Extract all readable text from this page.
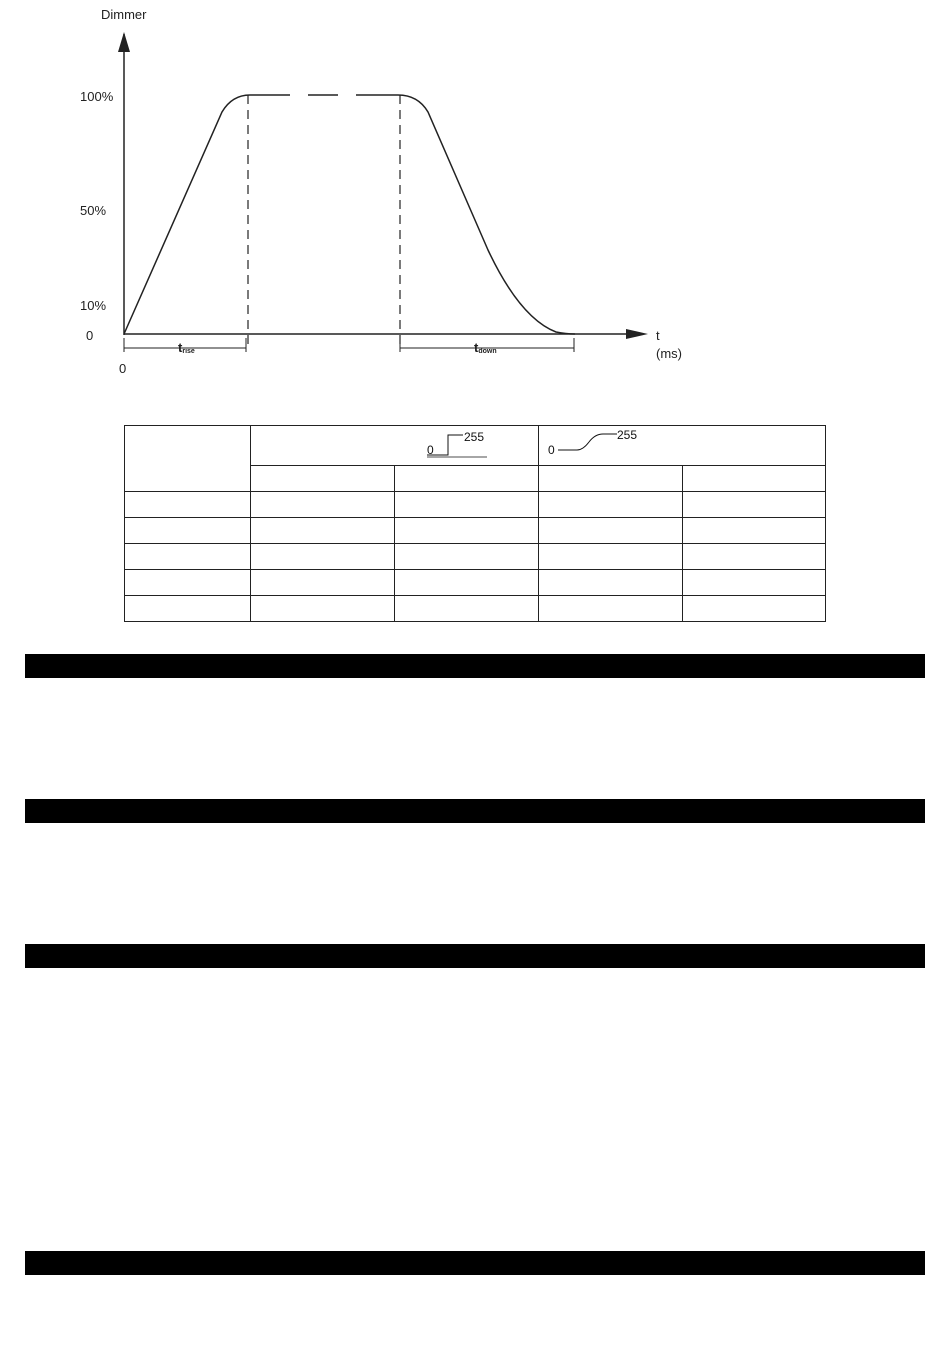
Dimmer
100%
50%
10%
0
0
t
(ms)
trise	tdown

0
255		0
255	
